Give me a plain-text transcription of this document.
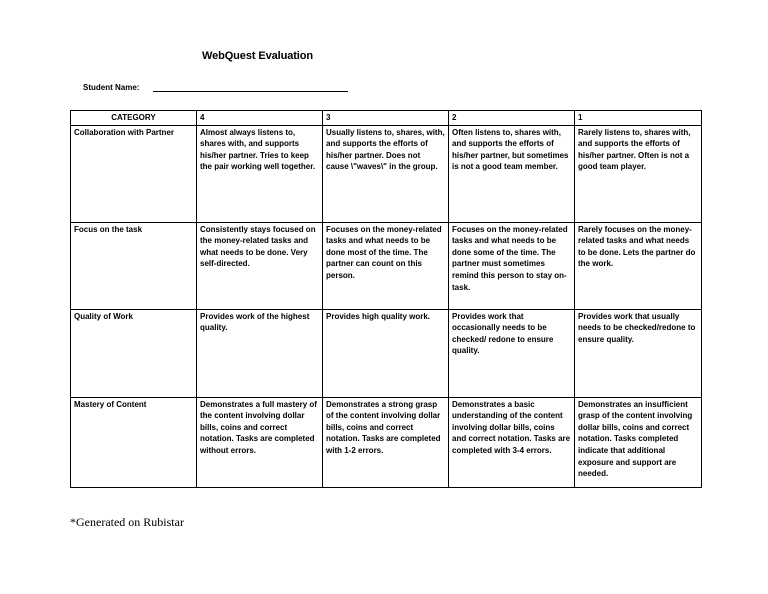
WebQuest Evaluation
Student Name:
CATEGORY	4	3	2	1
Collaboration with Partner	Almost always listens to, shares with, and supports his/her partner. Tries to keep the pair working well together.	Usually listens to, shares, with, and supports the efforts of his/her partner. Does not cause \"waves\" in the group.	Often listens to, shares with, and supports the efforts of his/her partner, but sometimes is not a good team member.	Rarely listens to, shares with, and supports the efforts of his/her partner. Often is not a good team player.
Focus on the task	Consistently stays focused on the money-related tasks and what needs to be done. Very self-directed.	Focuses on the money-related tasks and what needs to be done most of the time. The partner can count on this person.	Focuses on the money-related tasks and what needs to be done some of the time. The partner must sometimes remind this person to stay on-task.	Rarely focuses on the money-related tasks and what needs to be done. Lets the partner do the work.
Quality of Work	Provides work of the highest quality.	Provides high quality work.	Provides work that occasionally needs to be checked/ redone to ensure quality.	Provides work that usually needs to be checked/redone to ensure quality.
Mastery of Content	Demonstrates a full mastery of the content involving dollar bills, coins and correct notation. Tasks are completed without errors.	Demonstrates a strong grasp of the content involving dollar bills, coins and correct notation. Tasks are completed with 1-2 errors.	Demonstrates a basic understanding of the content involving dollar bills, coins and correct notation. Tasks are completed with 3-4 errors.	Demonstrates an insufficient grasp of the content involving dollar bills, coins and correct notation. Tasks completed indicate that additional exposure and support are needed.
*Generated on Rubistar
